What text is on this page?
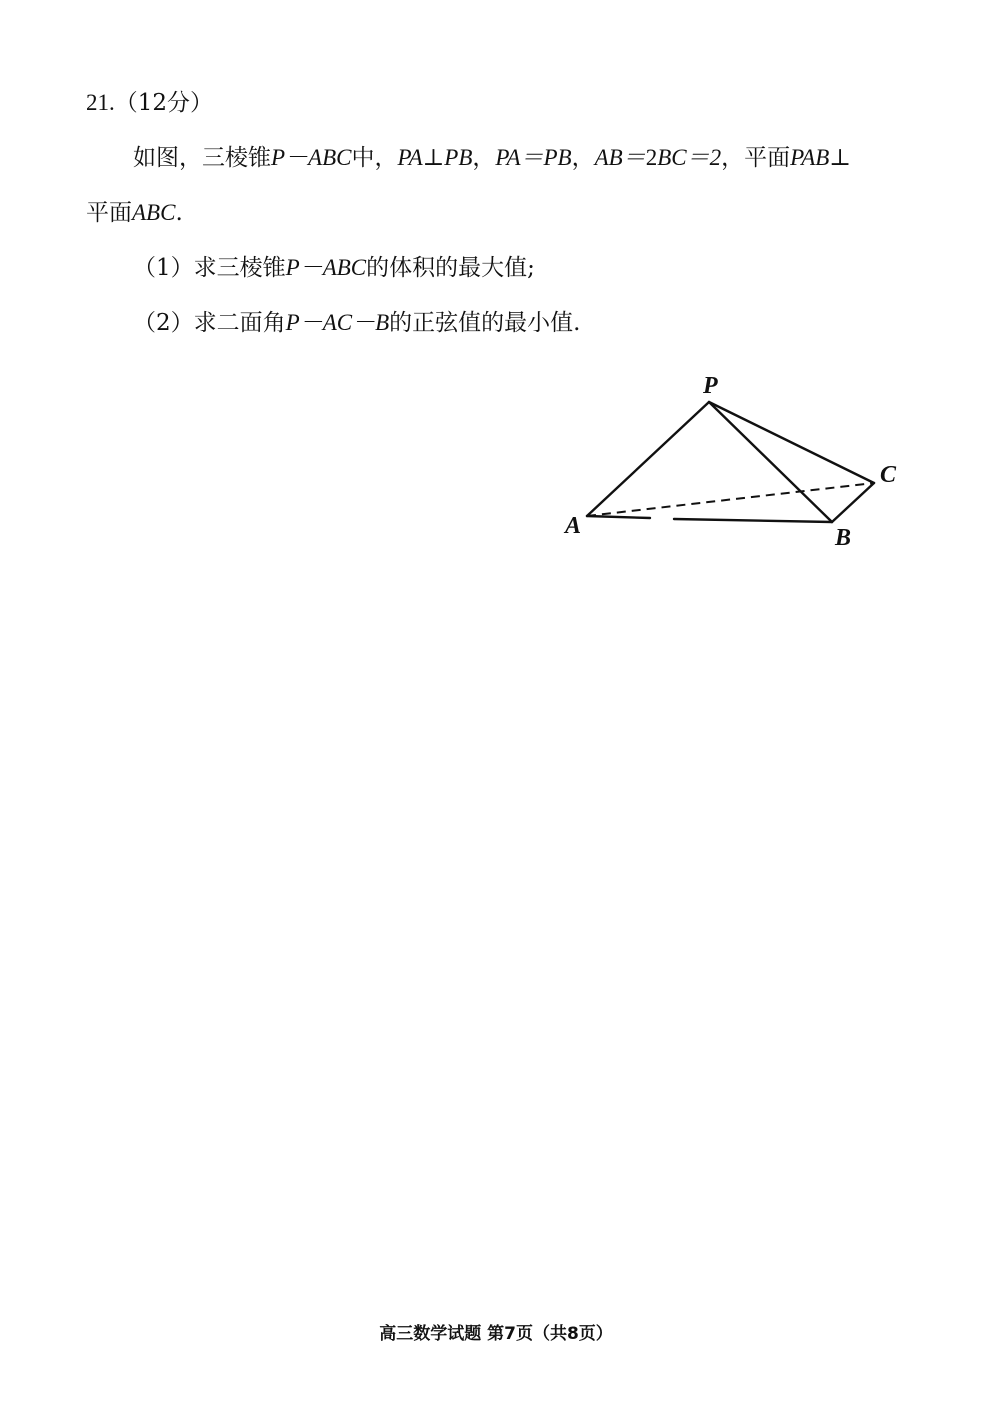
21.（12分）
如图，三棱锥P－ABC中，PA⊥PB，PA＝PB，AB＝2BC＝2，平面PAB⊥
平面ABC.
（1）求三棱锥P－ABC的体积的最大值;
（2）求二面角P－AC－B的正弦值的最小值.
P
A	B
C
高三数学试题 第7页（共8页）
